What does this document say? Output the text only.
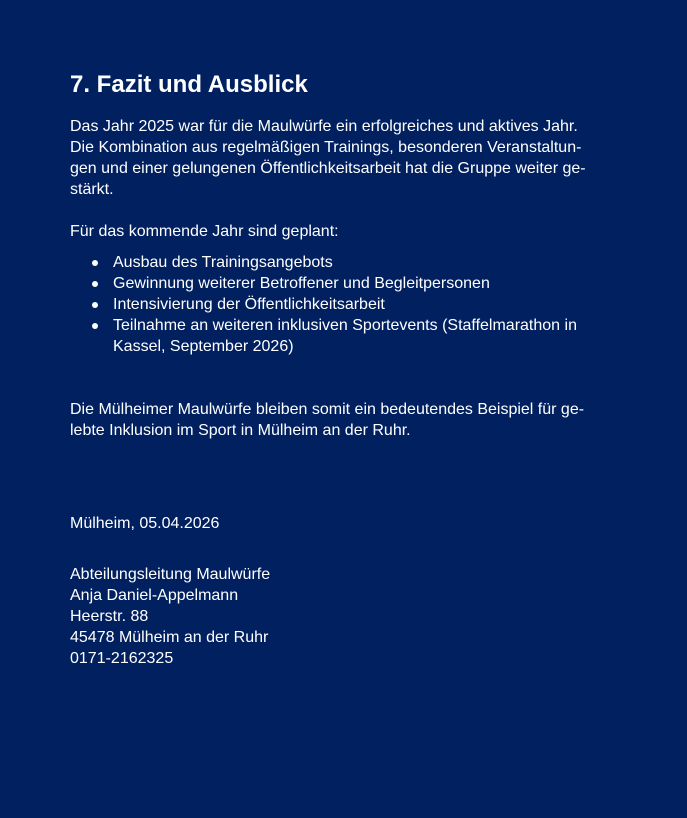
7. Fazit und Ausblick

Das Jahr 2025 war für die Maulwürfe ein erfolgreiches und aktives Jahr.

Die Kombination aus regelmäßigen Trainings, besonderen Veranstaltun-

gen und einer gelungenen Öffentlichkeitsarbeit hat die Gruppe weiter ge-

stärkt.

Für das kommende Jahr sind geplant:

Ausbau des Trainingsangebots
Gewinnung weiterer Betroffener und Begleitpersonen
Intensivierung der Öffentlichkeitsarbeit
Teilnahme an weiteren inklusiven Sportevents (Staffelmarathon in
Kassel, September 2026)

Die Mülheimer Maulwürfe bleiben somit ein bedeutendes Beispiel für ge-

lebte Inklusion im Sport in Mülheim an der Ruhr.

Mülheim, 05.04.2026

Abteilungsleitung Maulwürfe

Anja Daniel-Appelmann

Heerstr. 88

45478 Mülheim an der Ruhr

0171-2162325
